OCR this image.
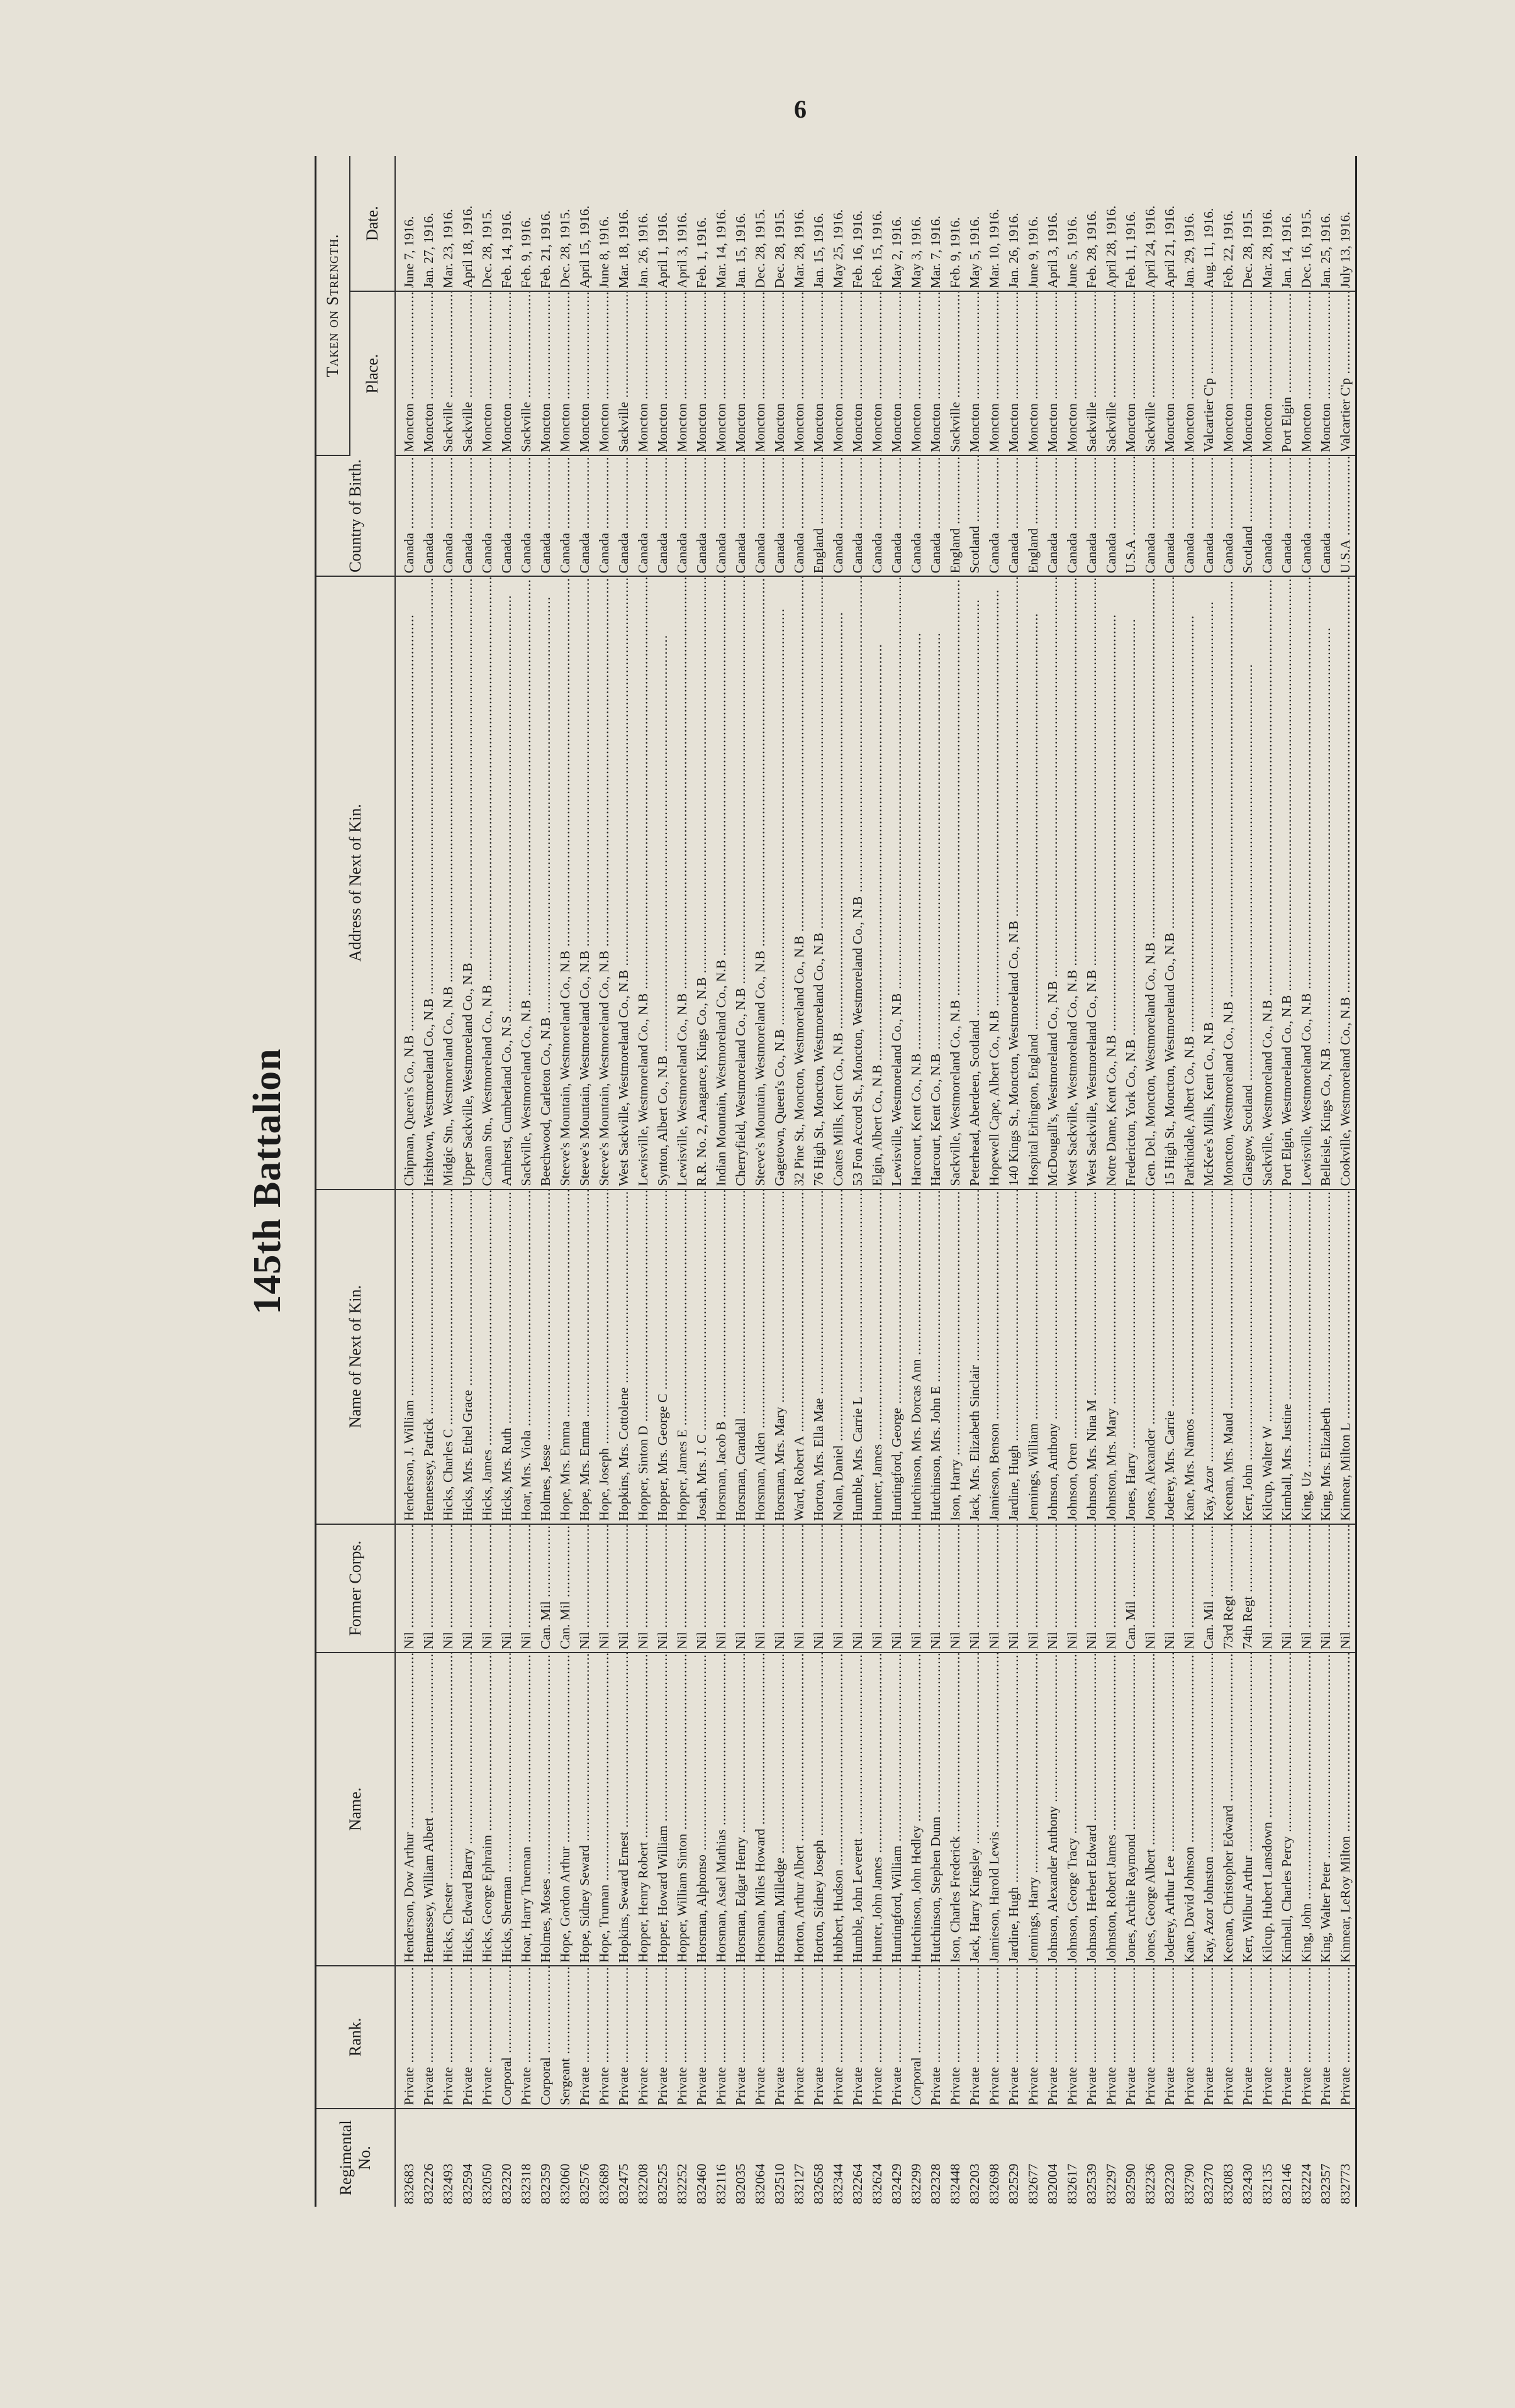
6
145th Battalion
Regimental No.	Rank.	Name.	Former Corps.	Name of Next of Kin.	Address of Next of Kin.	Country of Birth.	Taken on Strength.	
							Place.	Date.
832683	Private .....	Henderson, Dow Arthur .....	Nil .....	Henderson, J. William .....	Chipman, Queen's Co., N.B .....	Canada .....	Moncton .....	June 7, 1916.
832226	Private .....	Hennessey, William Albert .....	Nil .....	Hennessey, Patrick .....	Irishtown, Westmoreland Co., N.B .....	Canada .....	Moncton .....	Jan. 27, 1916.
832493	Private .....	Hicks, Chester .....	Nil .....	Hicks, Charles C .....	Midgic Stn., Westmoreland Co., N.B .....	Canada .....	Sackville .....	Mar. 23, 1916.
832594	Private .....	Hicks, Edward Barry .....	Nil .....	Hicks, Mrs. Ethel Grace .....	Upper Sackville, Westmoreland Co., N.B .....	Canada .....	Sackville .....	April 18, 1916.
832050	Private .....	Hicks, George Ephraim .....	Nil .....	Hicks, James .....	Canaan Stn., Westmoreland Co., N.B .....	Canada .....	Moncton .....	Dec. 28, 1915.
832320	Corporal .....	Hicks, Sherman .....	Nil .....	Hicks, Mrs. Ruth .....	Amherst, Cumberland Co., N.S .....	Canada .....	Moncton .....	Feb. 14, 1916.
832318	Private .....	Hoar, Harry Trueman .....	Nil .....	Hoar, Mrs. Viola .....	Sackville, Westmoreland Co., N.B .....	Canada .....	Sackville .....	Feb. 9, 1916.
832359	Corporal .....	Holmes, Moses .....	Can. Mil .....	Holmes, Jesse .....	Beechwood, Carleton Co., N.B .....	Canada .....	Moncton .....	Feb. 21, 1916.
832060	Sergeant .....	Hope, Gordon Arthur .....	Can. Mil .....	Hope, Mrs. Emma .....	Steeve's Mountain, Westmoreland Co., N.B .....	Canada .....	Moncton .....	Dec. 28, 1915.
832576	Private .....	Hope, Sidney Seward .....	Nil .....	Hope, Mrs. Emma .....	Steeve's Mountain, Westmoreland Co., N.B .....	Canada .....	Moncton .....	April 15, 1916.
832689	Private .....	Hope, Truman .....	Nil .....	Hope, Joseph .....	Steeve's Mountain, Westmoreland Co., N.B .....	Canada .....	Moncton .....	June 8, 1916.
832475	Private .....	Hopkins, Seward Ernest .....	Nil .....	Hopkins, Mrs. Cottolene .....	West Sackville, Westmoreland Co., N.B .....	Canada .....	Sackville .....	Mar. 18, 1916.
832208	Private .....	Hopper, Henry Robert .....	Nil .....	Hopper, Sinton D .....	Lewisville, Westmoreland Co., N.B .....	Canada .....	Moncton .....	Jan. 26, 1916.
832525	Private .....	Hopper, Howard William .....	Nil .....	Hopper, Mrs. George C .....	Synton, Albert Co., N.B .....	Canada .....	Moncton .....	April 1, 1916.
832252	Private .....	Hopper, William Sinton .....	Nil .....	Hopper, James E .....	Lewisville, Westmoreland Co., N.B .....	Canada .....	Moncton .....	April 3, 1916.
832460	Private .....	Horsman, Alphonso .....	Nil .....	Josah, Mrs. J. C .....	R.R. No. 2, Anagance, Kings Co., N.B .....	Canada .....	Moncton .....	Feb. 1, 1916.
832116	Private .....	Horsman, Asael Mathias .....	Nil .....	Horsman, Jacob B .....	Indian Mountain, Westmoreland Co., N.B .....	Canada .....	Moncton .....	Mar. 14, 1916.
832035	Private .....	Horsman, Edgar Henry .....	Nil .....	Horsman, Crandall .....	Cherryfield, Westmoreland Co., N.B .....	Canada .....	Moncton .....	Jan. 15, 1916.
832064	Private .....	Horsman, Miles Howard .....	Nil .....	Horsman, Alden .....	Steeve's Mountain, Westmoreland Co., N.B .....	Canada .....	Moncton .....	Dec. 28, 1915.
832510	Private .....	Horsman, Milledge .....	Nil .....	Horsman, Mrs. Mary .....	Gagetown, Queen's Co., N.B .....	Canada .....	Moncton .....	Dec. 28, 1915.
832127	Private .....	Horton, Arthur Albert .....	Nil .....	Ward, Robert A .....	32 Pine St., Moncton, Westmoreland Co., N.B .....	Canada .....	Moncton .....	Mar. 28, 1916.
832658	Private .....	Horton, Sidney Joseph .....	Nil .....	Horton, Mrs. Ella Mae .....	76 High St., Moncton, Westmoreland Co., N.B .....	England .....	Moncton .....	Jan. 15, 1916.
832344	Private .....	Hubbert, Hudson .....	Nil .....	Nolan, Daniel .....	Coates Mills, Kent Co., N.B .....	Canada .....	Moncton .....	May 25, 1916.
832264	Private .....	Humble, John Leverett .....	Nil .....	Humble, Mrs. Carrie L .....	53 Fon Accord St., Moncton, Westmoreland Co., N.B .....	Canada .....	Moncton .....	Feb. 16, 1916.
832624	Private .....	Hunter, John James .....	Nil .....	Hunter, James .....	Elgin, Albert Co., N.B .....	Canada .....	Moncton .....	Feb. 15, 1916.
832429	Private .....	Huntingford, William .....	Nil .....	Huntingford, George .....	Lewisville, Westmoreland Co., N.B .....	Canada .....	Moncton .....	May 2, 1916.
832299	Corporal .....	Hutchinson, John Hedley .....	Nil .....	Hutchinson, Mrs. Dorcas Ann .....	Harcourt, Kent Co., N.B .....	Canada .....	Moncton .....	May 3, 1916.
832328	Private .....	Hutchinson, Stephen Dunn .....	Nil .....	Hutchinson, Mrs. John E .....	Harcourt, Kent Co., N.B .....	Canada .....	Moncton .....	Mar. 7, 1916.
832448	Private .....	Ison, Charles Frederick .....	Nil .....	Ison, Harry .....	Sackville, Westmoreland Co., N.B .....	England .....	Sackville .....	Feb. 9, 1916.
832203	Private .....	Jack, Harry Kingsley .....	Nil .....	Jack, Mrs. Elizabeth Sinclair .....	Peterhead, Aberdeen, Scotland .....	Scotland .....	Moncton .....	May 5, 1916.
832698	Private .....	Jamieson, Harold Lewis .....	Nil .....	Jamieson, Benson .....	Hopewell Cape, Albert Co., N.B .....	Canada .....	Moncton .....	Mar. 10, 1916.
832529	Private .....	Jardine, Hugh .....	Nil .....	Jardine, Hugh .....	140 Kings St., Moncton, Westmoreland Co., N.B .....	Canada .....	Moncton .....	Jan. 26, 1916.
832677	Private .....	Jennings, Harry .....	Nil .....	Jennings, William .....	Hospital Erlington, England .....	England .....	Moncton .....	June 9, 1916.
832004	Private .....	Johnson, Alexander Anthony .....	Nil .....	Johnson, Anthony .....	McDougall's, Westmoreland Co., N.B .....	Canada .....	Moncton .....	April 3, 1916.
832617	Private .....	Johnson, George Tracy .....	Nil .....	Johnson, Oren .....	West Sackville, Westmoreland Co., N.B .....	Canada .....	Moncton .....	June 5, 1916.
832539	Private .....	Johnson, Herbert Edward .....	Nil .....	Johnson, Mrs. Nina M .....	West Sackville, Westmoreland Co., N.B .....	Canada .....	Sackville .....	Feb. 28, 1916.
832297	Private .....	Johnston, Robert James .....	Nil .....	Johnston, Mrs. Mary .....	Notre Dame, Kent Co., N.B .....	Canada .....	Sackville .....	April 28, 1916.
832590	Private .....	Jones, Archie Raymond .....	Can. Mil .....	Jones, Harry .....	Fredericton, York Co., N.B .....	U.S.A .....	Moncton .....	Feb. 11, 1916.
832236	Private .....	Jones, George Albert .....	Nil .....	Jones, Alexander .....	Gen. Del., Moncton, Westmoreland Co., N.B .....	Canada .....	Sackville .....	April 24, 1916.
832230	Private .....	Joderey, Arthur Lee .....	Nil .....	Joderey, Mrs. Carrie .....	15 High St., Moncton, Westmoreland Co., N.B .....	Canada .....	Moncton .....	April 21, 1916.
832790	Private .....	Kane, David Johnson .....	Nil .....	Kane, Mrs. Namos .....	Parkindale, Albert Co., N.B .....	Canada .....	Moncton .....	Jan. 29, 1916.
832370	Private .....	Kay, Azor Johnston .....	Can. Mil .....	Kay, Azor .....	McKee's Mills, Kent Co., N.B .....	Canada .....	Valcartier C'p .....	Aug. 11, 1916.
832083	Private .....	Keenan, Christopher Edward .....	73rd Regt .....	Keenan, Mrs. Maud .....	Moncton, Westmoreland Co., N.B .....	Canada .....	Moncton .....	Feb. 22, 1916.
832430	Private .....	Kerr, Wilbur Arthur .....	74th Regt .....	Kerr, John .....	Glasgow, Scotland .....	Scotland .....	Moncton .....	Dec. 28, 1915.
832135	Private .....	Kilcup, Hubert Lansdown .....	Nil .....	Kilcup, Walter W .....	Sackville, Westmoreland Co., N.B .....	Canada .....	Moncton .....	Mar. 28, 1916.
832146	Private .....	Kimball, Charles Percy .....	Nil .....	Kimball, Mrs. Justine .....	Port Elgin, Westmoreland Co., N.B .....	Canada .....	Port Elgin .....	Jan. 14, 1916.
832224	Private .....	King, John .....	Nil .....	King, Uz .....	Lewisville, Westmoreland Co., N.B .....	Canada .....	Moncton .....	Dec. 16, 1915.
832357	Private .....	King, Walter Peter .....	Nil .....	King, Mrs. Elizabeth .....	Belleisle, Kings Co., N.B .....	Canada .....	Moncton .....	Jan. 25, 1916.
832773	Private .....	Kinnear, LeRoy Milton .....	Nil .....	Kinnear, Milton L .....	Cookville, Westmoreland Co., N.B .....	U.S.A .....	Valcartier C'p .....	July 13, 1916.
